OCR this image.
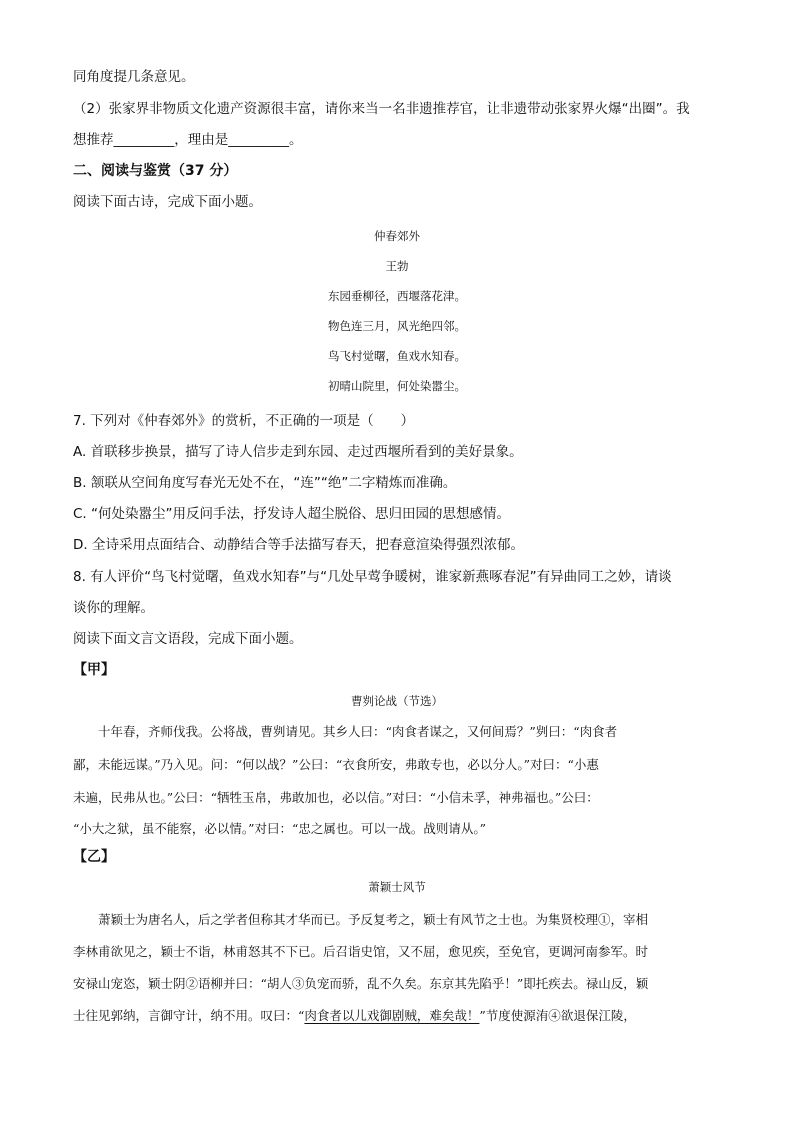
同角度提几条意见。
（2）张家界非物质文化遗产资源很丰富，请你来当一名非遗推荐官，让非遗带动张家界火爆“出圈”。我
想推荐_________，理由是_________。
二、阅读与鉴赏（37 分）
阅读下面古诗，完成下面小题。
仲春郊外
王勃
东园垂柳径，西堰落花津。
物色连三月，风光绝四邻。
鸟飞村觉曙，鱼戏水知春。
初晴山院里，何处染嚣尘。
7. 下列对《仲春郊外》的赏析，不正确的一项是（　　）
A. 首联移步换景，描写了诗人信步走到东园、走过西堰所看到的美好景象。
B. 颔联从空间角度写春光无处不在，“连”“绝”二字精炼而准确。
C. “何处染嚣尘”用反问手法，抒发诗人超尘脱俗、思归田园的思想感情。
D. 全诗采用点面结合、动静结合等手法描写春天，把春意渲染得强烈浓郁。
8. 有人评价“鸟飞村觉曙，鱼戏水知春”与“几处早莺争暖树，谁家新燕啄春泥”有异曲同工之妙，请谈
谈你的理解。
阅读下面文言文语段，完成下面小题。
【甲】
曹刿论战（节选）
　　十年春，齐师伐我。公将战，曹刿请见。其乡人曰：“肉食者谋之，又何间焉？”刿曰：“肉食者
鄙，未能远谋。”乃入见。问：“何以战？”公曰：“衣食所安，弗敢专也，必以分人。”对曰：“小惠
未遍，民弗从也。”公曰：“牺牲玉帛，弗敢加也，必以信。”对曰：“小信未孚，神弗福也。”公曰：
“小大之狱，虽不能察，必以情。”对曰：“忠之属也。可以一战。战则请从。”
【乙】
萧颖士风节
　　萧颖士为唐名人，后之学者但称其才华而已。予反复考之，颖士有风节之士也。为集贤校理①，宰相
李林甫欲见之，颖士不诣，林甫怒其不下已。后召诣史馆，又不屈，愈见疾，至免官，更调河南参军。时
安禄山宠恣，颖士阴②语柳并曰：“胡人③负宠而骄，乱不久矣。东京其先陷乎！”即托疾去。禄山反，颖
士往见郭纳，言御守计，纳不用。叹曰：“肉食者以儿戏御剧贼，难矣哉！”节度使源洧④欲退保江陵，
